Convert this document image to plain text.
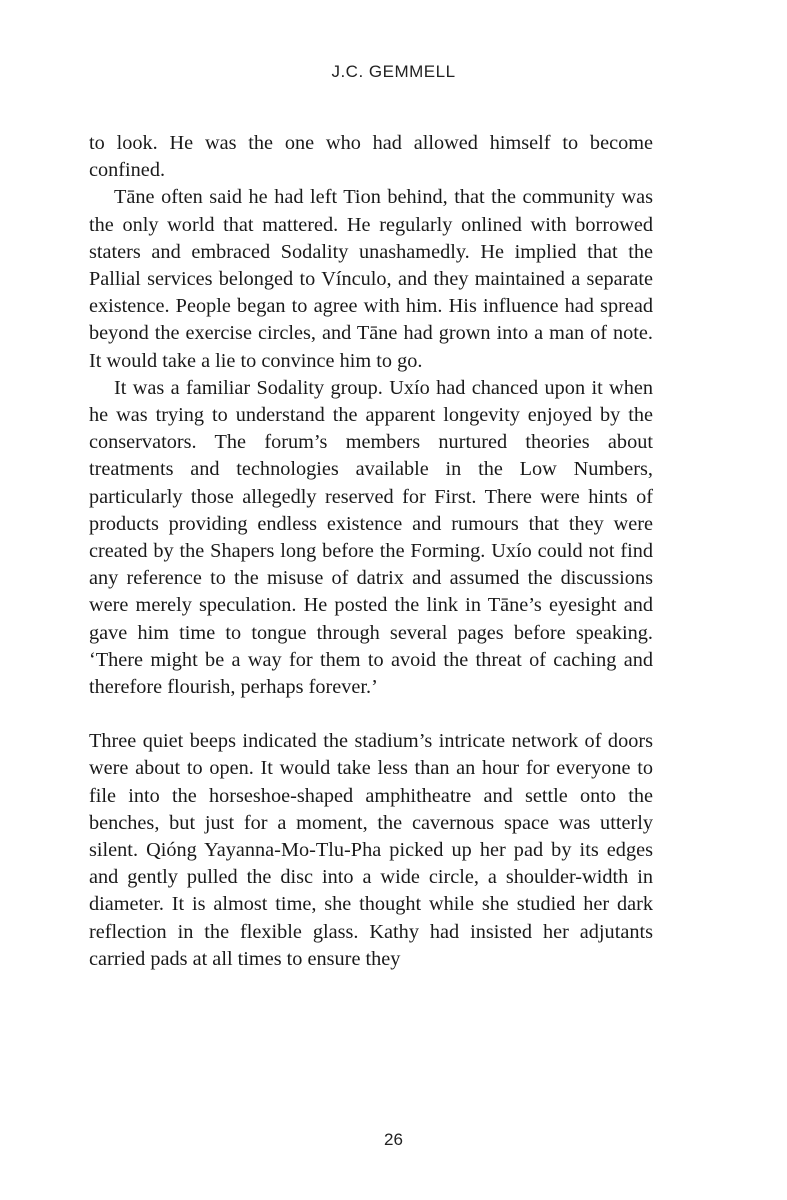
J.C. GEMMELL

to look. He was the one who had allowed himself to become confined.

Tāne often said he had left Tion behind, that the community was the only world that mattered. He regularly onlined with borrowed staters and embraced Sodality unashamedly. He implied that the Pallial services belonged to Vínculo, and they maintained a separate existence. People began to agree with him. His influence had spread beyond the exercise circles, and Tāne had grown into a man of note. It would take a lie to convince him to go.

It was a familiar Sodality group. Uxío had chanced upon it when he was trying to understand the apparent longevity enjoyed by the conservators. The forum’s members nurtured theories about treatments and technologies available in the Low Numbers, particularly those allegedly reserved for First. There were hints of products providing endless existence and rumours that they were created by the Shapers long before the Forming. Uxío could not find any reference to the misuse of datrix and assumed the discussions were merely speculation. He posted the link in Tāne’s eyesight and gave him time to tongue through several pages before speaking. ‘There might be a way for them to avoid the threat of caching and therefore flourish, perhaps forever.’

Three quiet beeps indicated the stadium’s intricate network of doors were about to open. It would take less than an hour for everyone to file into the horseshoe-shaped amphitheatre and settle onto the benches, but just for a moment, the cavernous space was utterly silent. Qióng Yayanna-Mo-Tlu-Pha picked up her pad by its edges and gently pulled the disc into a wide circle, a shoulder-width in diameter. It is almost time, she thought while she studied her dark reflection in the flexible glass. Kathy had insisted her adjutants carried pads at all times to ensure they

26
